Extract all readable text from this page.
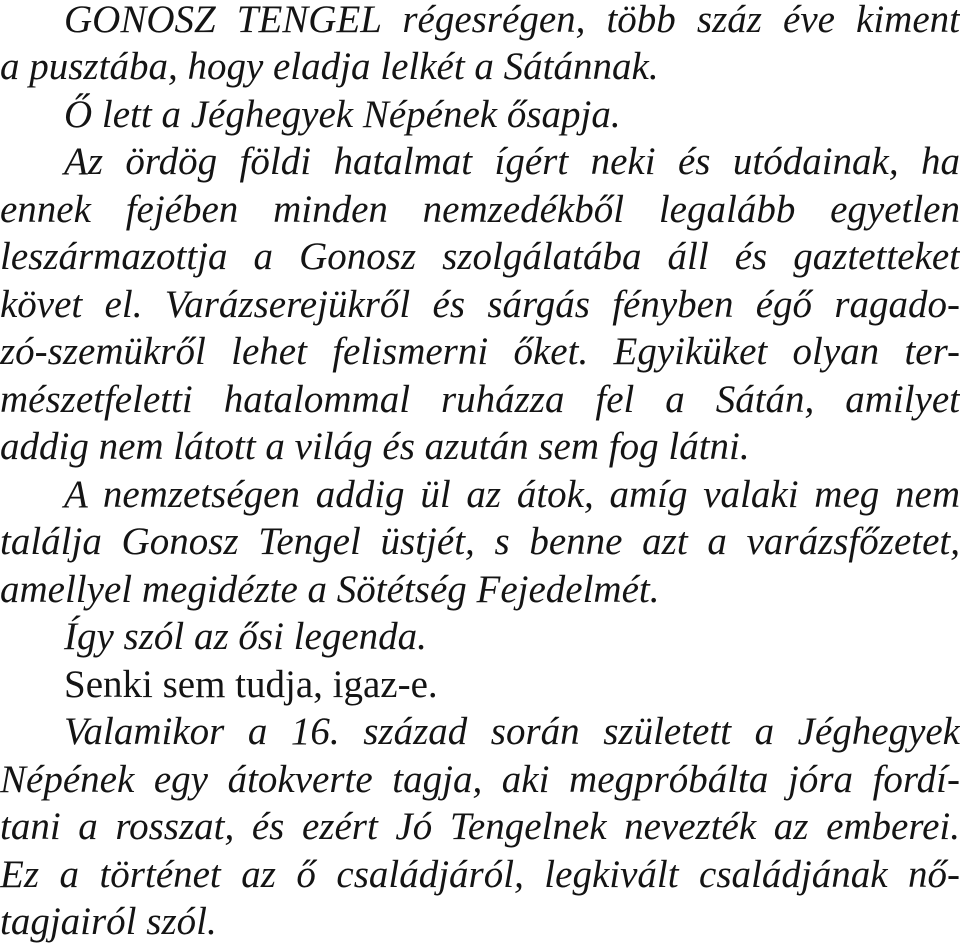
GONOSZ TENGEL régesrégen, több száz éve kiment

a pusztába, hogy eladja lelkét a Sátánnak.

Ő lett a Jéghegyek Népének ősapja.

Az ördög földi hatalmat ígért neki és utódainak, ha

ennek fejében minden nemzedékből legalább egyetlen

leszármazottja a Gonosz szolgálatába áll és gaztetteket

követ el. Varázserejükről és sárgás fényben égő ragado-

zó-szemükről lehet felismerni őket. Egyiküket olyan ter-

mészetfeletti hatalommal ruházza fel a Sátán, amilyet

addig nem látott a világ és azután sem fog látni.

A nemzetségen addig ül az átok, amíg valaki meg nem

találja Gonosz Tengel üstjét, s benne azt a varázsfőzetet,

amellyel megidézte a Sötétség Fejedelmét.

Így szól az ősi legenda.

Senki sem tudja, igaz-e.

Valamikor a 16. század során született a Jéghegyek

Népének egy átokverte tagja, aki megpróbálta jóra fordí-

tani a rosszat, és ezért Jó Tengelnek nevezték az emberei.

Ez a történet az ő családjáról, legkivált családjának nő-

tagjairól szól.
